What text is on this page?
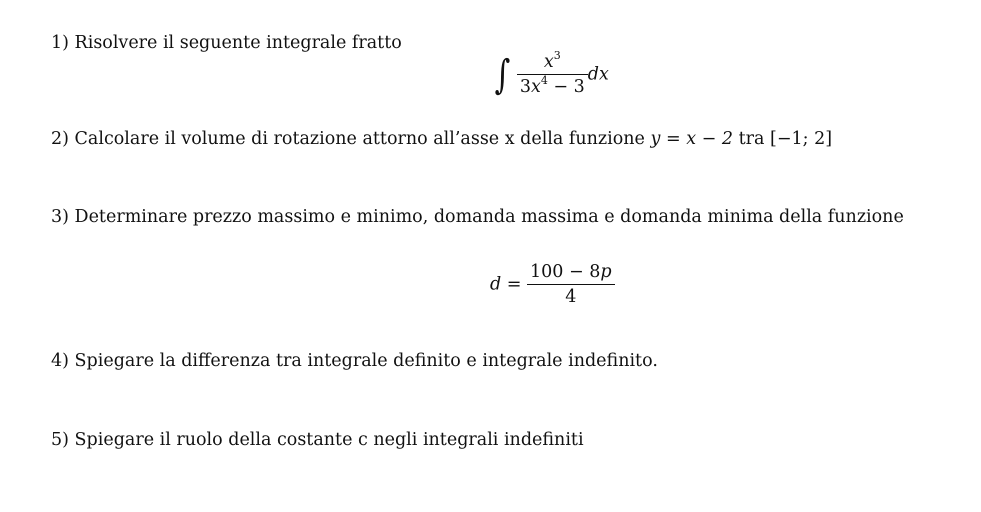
1) Risolvere il seguente integrale fratto
∫ $\frac{x^3}{3x^4 - 3}$ dx
2) Calcolare il volume di rotazione attorno all’asse x della funzione y = x − 2 tra [−1; 2]
3) Determinare prezzo massimo e minimo, domanda massima e domanda minima della funzione
$d = \frac{100 - 8p}{4}$
4) Spiegare la differenza tra integrale definito e integrale indefinito.
5) Spiegare il ruolo della costante c negli integrali indefiniti
